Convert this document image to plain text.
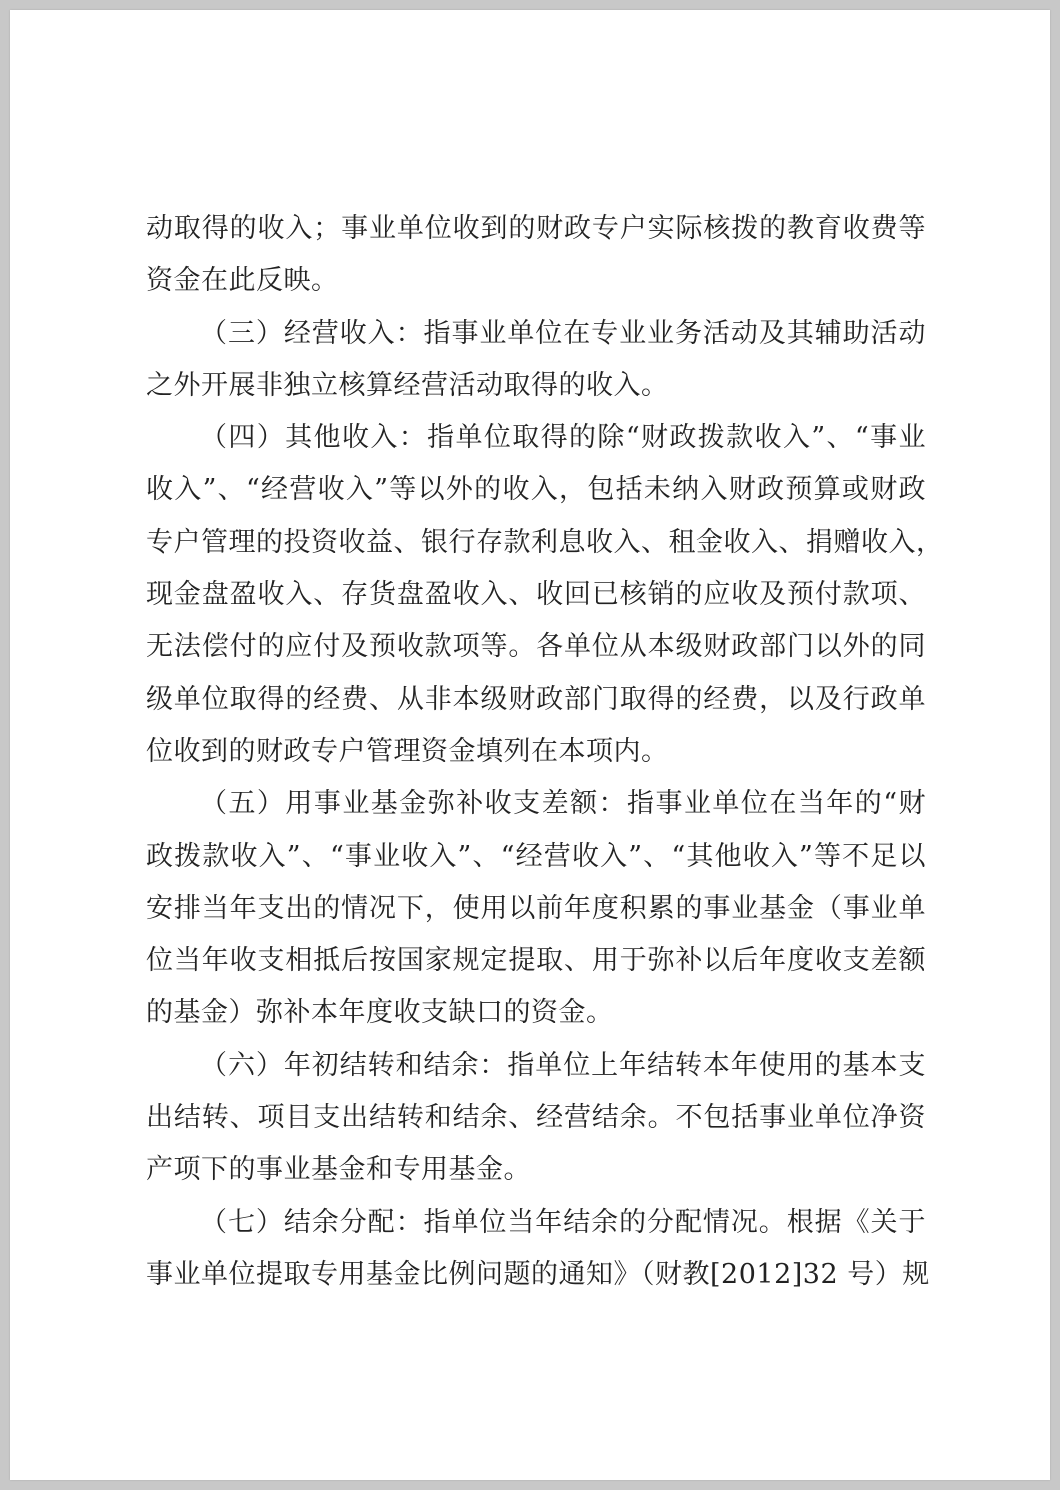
动取得的收入；事业单位收到的财政专户实际核拨的教育收费等
资金在此反映。
（三）经营收入：指事业单位在专业业务活动及其辅助活动
之外开展非独立核算经营活动取得的收入。
（四）其他收入：指单位取得的除“财政拨款收入”、“事业
收入”、“经营收入”等以外的收入，包括未纳入财政预算或财政
专户管理的投资收益、银行存款利息收入、租金收入、捐赠收入，
现金盘盈收入、存货盘盈收入、收回已核销的应收及预付款项、
无法偿付的应付及预收款项等。各单位从本级财政部门以外的同
级单位取得的经费、从非本级财政部门取得的经费，以及行政单
位收到的财政专户管理资金填列在本项内。
（五）用事业基金弥补收支差额：指事业单位在当年的“财
政拨款收入”、“事业收入”、“经营收入”、“其他收入”等不足以
安排当年支出的情况下，使用以前年度积累的事业基金（事业单
位当年收支相抵后按国家规定提取、用于弥补以后年度收支差额
的基金）弥补本年度收支缺口的资金。
（六）年初结转和结余：指单位上年结转本年使用的基本支
出结转、项目支出结转和结余、经营结余。不包括事业单位净资
产项下的事业基金和专用基金。
（七）结余分配：指单位当年结余的分配情况。根据《关于
事业单位提取专用基金比例问题的通知》（财教[2012]32 号）规
